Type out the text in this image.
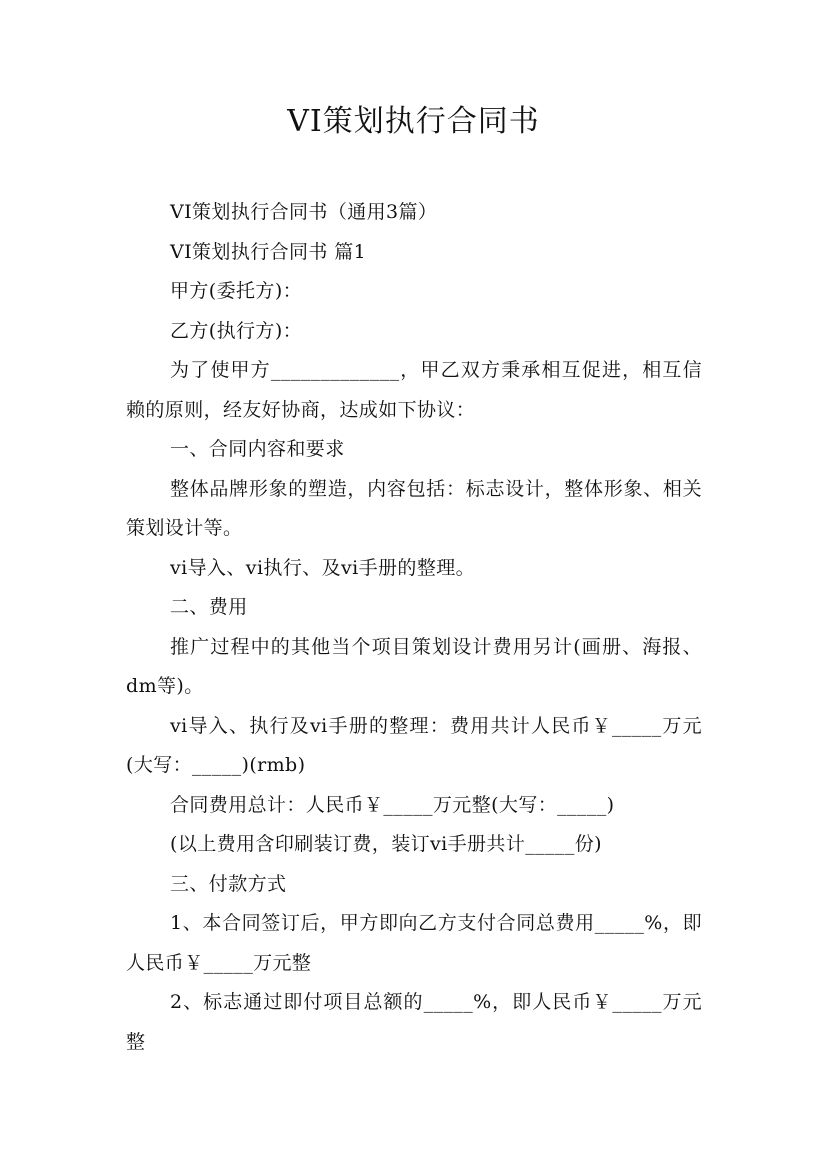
VI策划执行合同书

VI策划执行合同书（通用3篇）

VI策划执行合同书 篇1

甲方(委托方)：

乙方(执行方)：

为了使甲方_____________，甲乙双方秉承相互促进，相互信赖的原则，经友好协商，达成如下协议：

一、合同内容和要求

整体品牌形象的塑造，内容包括：标志设计，整体形象、相关策划设计等。

vi导入、vi执行、及vi手册的整理。

二、费用

推广过程中的其他当个项目策划设计费用另计(画册、海报、dm等)。

vi导入、执行及vi手册的整理：费用共计人民币￥_____万元(大写：_____)(rmb)

合同费用总计：人民币￥_____万元整(大写：_____)

(以上费用含印刷装订费，装订vi手册共计_____份)

三、付款方式

1、本合同签订后，甲方即向乙方支付合同总费用_____%，即人民币￥_____万元整

2、标志通过即付项目总额的_____%，即人民币￥_____万元整
